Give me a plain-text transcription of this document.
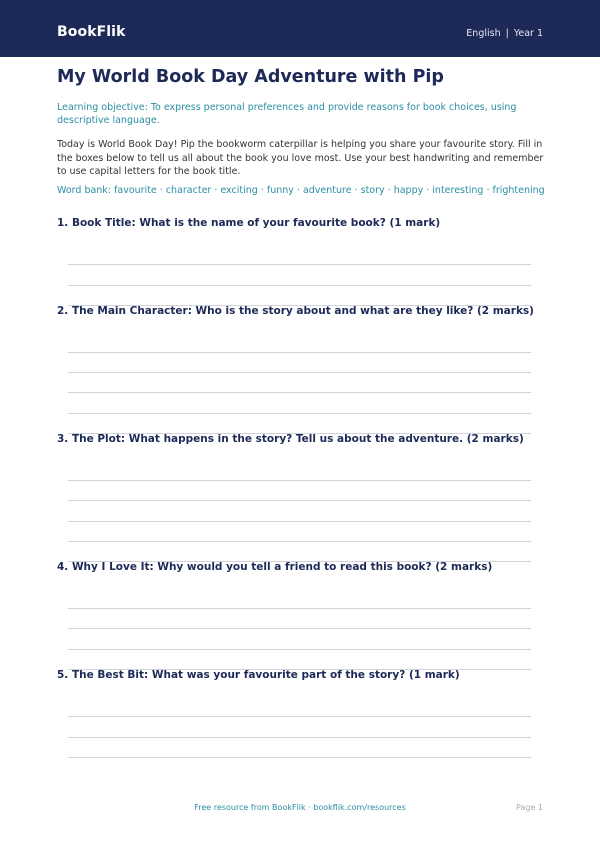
BookFlik	English | Year 1
My World Book Day Adventure with Pip
Learning objective: To express personal preferences and provide reasons for book choices, using descriptive language.
Today is World Book Day! Pip the bookworm caterpillar is helping you share your favourite story. Fill in the boxes below to tell us all about the book you love most. Use your best handwriting and remember to use capital letters for the book title.
Word bank: favourite · character · exciting · funny · adventure · story · happy · interesting · frightening
1. Book Title: What is the name of your favourite book? (1 mark)
2. The Main Character: Who is the story about and what are they like? (2 marks)
3. The Plot: What happens in the story? Tell us about the adventure. (2 marks)
4. Why I Love It: Why would you tell a friend to read this book? (2 marks)
5. The Best Bit: What was your favourite part of the story? (1 mark)
Free resource from BookFlik · bookflik.com/resources	Page 1
